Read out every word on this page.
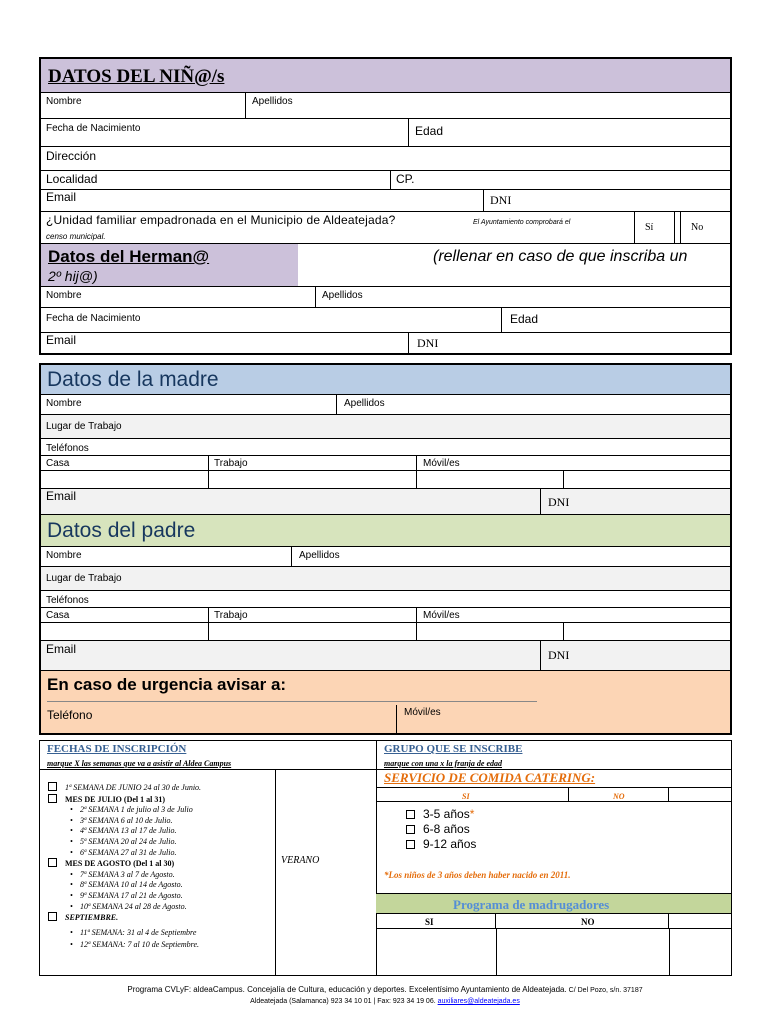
DATOS DEL NIÑ@/s
Nombre	Apellidos
Fecha de Nacimiento	Edad
Dirección
Localidad	CP.
Email	DNI
¿Unidad familiar empadronada en el Municipio de Aldeatejada?	El Ayuntamiento comprobará el
censo municipal.
Sí	No
Datos del Herman@	(rellenar en caso de que inscriba un
2º hij@)
Nombre	Apellidos
Fecha de Nacimiento	Edad
Email	DNI
Datos de la madre
Nombre	Apellidos
Lugar de Trabajo
Teléfonos
Casa	Trabajo	Móvil/es
Email	DNI
Datos del padre
Nombre	Apellidos
Lugar de Trabajo
Teléfonos
Casa	Trabajo	Móvil/es
Email	DNI
En caso de urgencia avisar a:
Teléfono	Móvil/es
FECHAS DE INSCRIPCIÓN
marque X las semanas que va a asistir al Aldea Campus
VERANO
1ª SEMANA DE JUNIO 24 al 30 de Junio.
MES DE JULIO (Del 1 al 31)
• 2ª SEMANA 1 de julio al 3 de Julio
• 3ª SEMANA 6 al 10 de Julio.
• 4ª SEMANA 13 al 17 de Julio.
• 5ª SEMANA 20 al 24 de Julio.
• 6ª SEMANA 27 al 31 de Julio.
MES DE AGOSTO (Del 1 al 30)
• 7ª SEMANA 3 al 7 de Agosto.
• 8ª SEMANA 10 al 14 de Agosto.
• 9ª SEMANA 17 al 21 de Agosto.
• 10ª SEMANA 24 al 28 de Agosto.
SEPTIEMBRE.
• 11ª SEMANA: 31 al 4 de Septiembre
• 12ª SEMANA: 7 al 10 de Septiembre.
GRUPO QUE SE INSCRIBE
marque con una x la franja de edad
SERVICIO DE COMIDA CATERING:
SI	NO
3-5 años*
6-8 años
9-12 años
*Los niños de 3 años deben haber nacido en 2011.
Programa de madrugadores
SI	NO
Programa CVLyF: aldeaCampus. Concejalía de Cultura, educación y deportes. Excelentísimo Ayuntamiento de Aldeatejada. C/ Del Pozo, s/n. 37187
Aldeatejada (Salamanca) 923 34 10 01 | Fax: 923 34 19 06. auxiliares@aldeatejada.es
